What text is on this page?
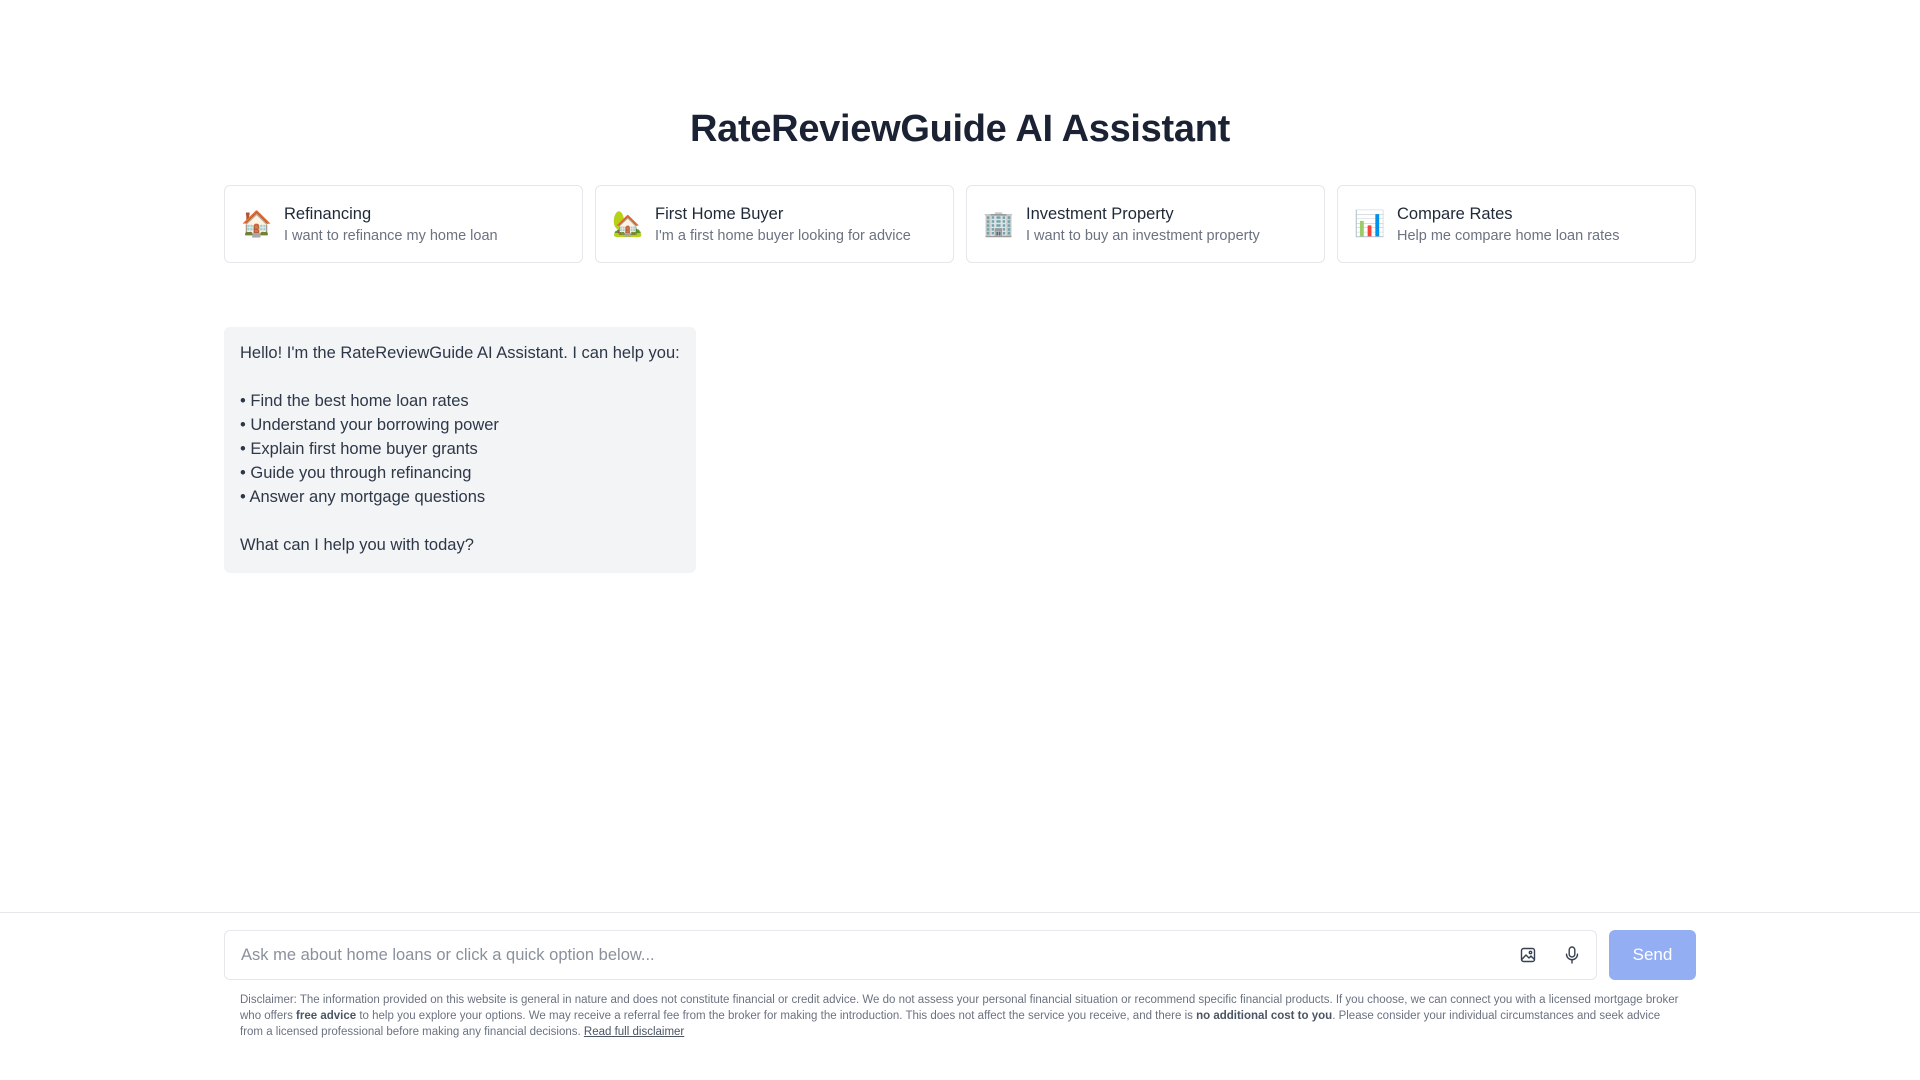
RateReviewGuide AI Assistant
🏠 Refinancing
I want to refinance my home loan	🏡 First Home Buyer
I'm a first home buyer looking for advice	🏢 Investment Property
I want to buy an investment property	📊 Compare Rates
Help me compare home loan rates
Hello! I'm the RateReviewGuide AI Assistant. I can help you:
• Find the best home loan rates
• Understand your borrowing power
• Explain first home buyer grants
• Guide you through refinancing
• Answer any mortgage questions
What can I help you with today?
Ask me about home loans or click a quick option below...
Send

Disclaimer: The information provided on this website is general in nature and does not constitute financial or credit advice. We do not assess your personal financial situation or recommend specific financial products. If you choose, we can connect you with a licensed mortgage broker who offers free advice to help you explore your options. We may receive a referral fee from the broker for making the introduction. This does not affect the service you receive, and there is no additional cost to you. Please consider your individual circumstances and seek advice from a licensed professional before making any financial decisions. Read full disclaimer
